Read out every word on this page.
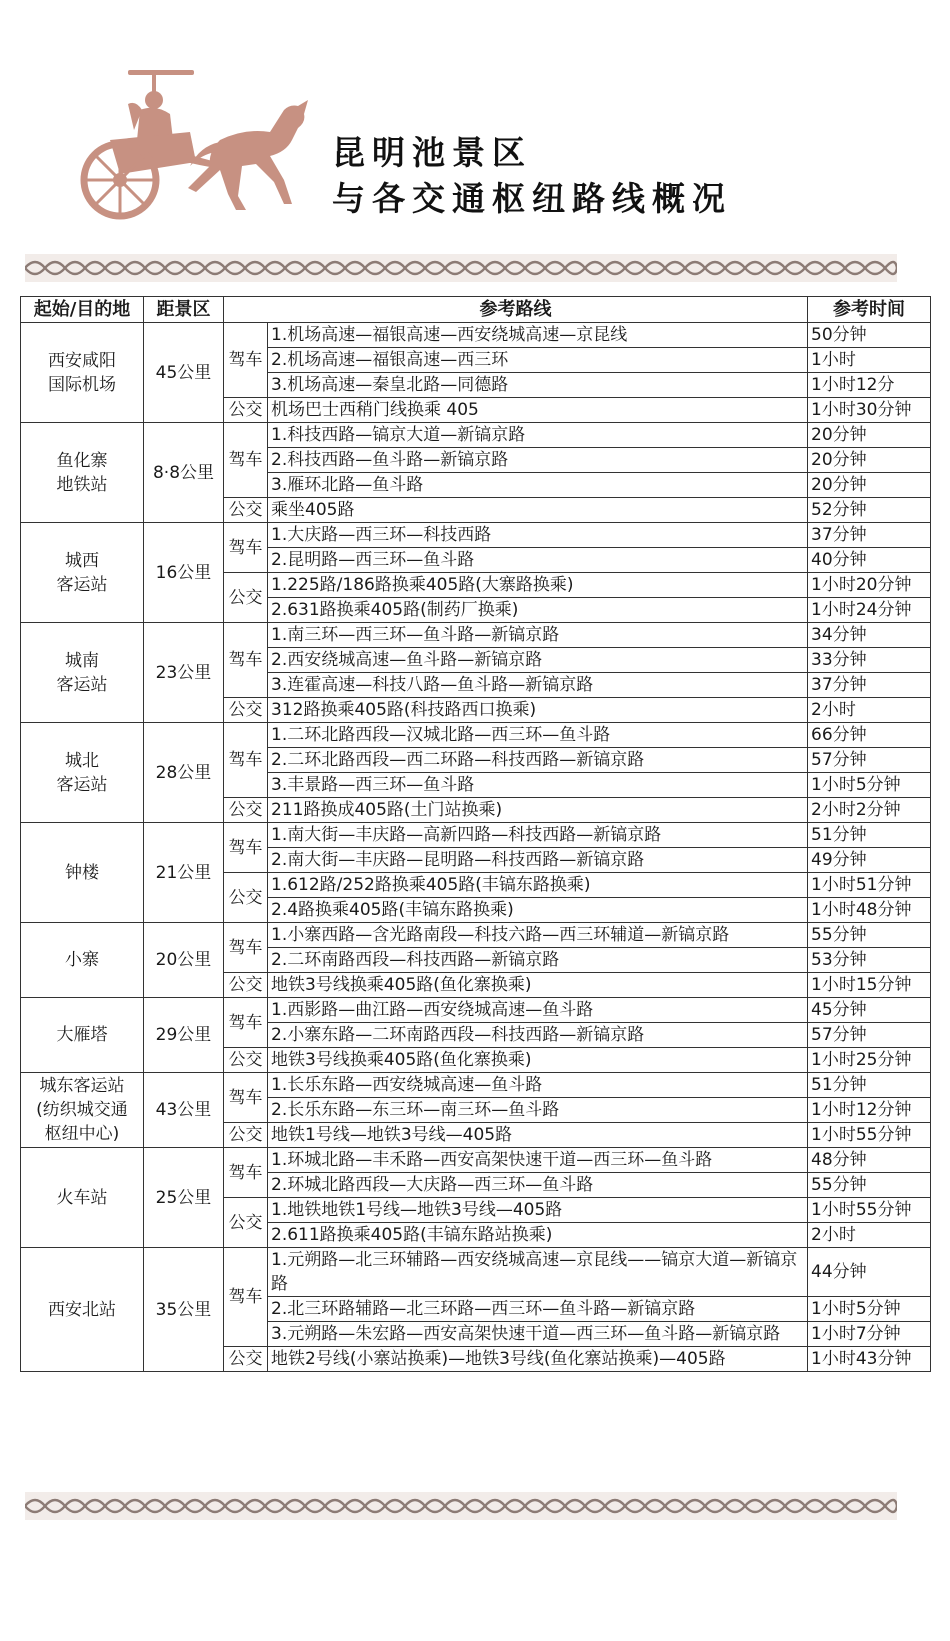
昆明池景区
与各交通枢纽路线概况
起始/目的地	距景区	参考路线		参考时间
西安咸阳
国际机场	45公里	驾车	1.机场高速—福银高速—西安绕城高速—京昆线	50分钟
			2.机场高速—福银高速—西三环	1小时
			3.机场高速—秦皇北路—同德路	1小时12分
		公交	机场巴士西稍门线换乘 405	1小时30分钟
鱼化寨
地铁站	8·8公里	驾车	1.科技西路—镐京大道—新镐京路	20分钟
			2.科技西路—鱼斗路—新镐京路	20分钟
			3.雁环北路—鱼斗路	20分钟
		公交	乘坐405路	52分钟
城西
客运站	16公里	驾车	1.大庆路—西三环—科技西路	37分钟
			2.昆明路—西三环—鱼斗路	40分钟
		公交	1.225路/186路换乘405路(大寨路换乘)	1小时20分钟
			2.631路换乘405路(制药厂换乘)	1小时24分钟
城南
客运站	23公里	驾车	1.南三环—西三环—鱼斗路—新镐京路	34分钟
			2.西安绕城高速—鱼斗路—新镐京路	33分钟
			3.连霍高速—科技八路—鱼斗路—新镐京路	37分钟
		公交	312路换乘405路(科技路西口换乘)	2小时
城北
客运站	28公里	驾车	1.二环北路西段—汉城北路—西三环—鱼斗路	66分钟
			2.二环北路西段—西二环路—科技西路—新镐京路	57分钟
			3.丰景路—西三环—鱼斗路	1小时5分钟
		公交	211路换成405路(土门站换乘)	2小时2分钟
钟楼	21公里	驾车	1.南大街—丰庆路—高新四路—科技西路—新镐京路	51分钟
			2.南大街—丰庆路—昆明路—科技西路—新镐京路	49分钟
		公交	1.612路/252路换乘405路(丰镐东路换乘)	1小时51分钟
			2.4路换乘405路(丰镐东路换乘)	1小时48分钟
小寨	20公里	驾车	1.小寨西路—含光路南段—科技六路—西三环辅道—新镐京路	55分钟
			2.二环南路西段—科技西路—新镐京路	53分钟
		公交	地铁3号线换乘405路(鱼化寨换乘)	1小时15分钟
大雁塔	29公里	驾车	1.西影路—曲江路—西安绕城高速—鱼斗路	45分钟
			2.小寨东路—二环南路西段—科技西路—新镐京路	57分钟
		公交	地铁3号线换乘405路(鱼化寨换乘)	1小时25分钟
城东客运站
(纺织城交通
枢纽中心)	43公里	驾车	1.长乐东路—西安绕城高速—鱼斗路	51分钟
			2.长乐东路—东三环—南三环—鱼斗路	1小时12分钟
		公交	地铁1号线—地铁3号线—405路	1小时55分钟
火车站	25公里	驾车	1.环城北路—丰禾路—西安高架快速干道—西三环—鱼斗路	48分钟
			2.环城北路西段—大庆路—西三环—鱼斗路	55分钟
		公交	1.地铁地铁1号线—地铁3号线—405路	1小时55分钟
			2.611路换乘405路(丰镐东路站换乘)	2小时
西安北站	35公里	驾车	1.元朔路—北三环辅路—西安绕城高速—京昆线——镐京大道—新镐京路	44分钟
			2.北三环路辅路—北三环路—西三环—鱼斗路—新镐京路	1小时5分钟
			3.元朔路—朱宏路—西安高架快速干道—西三环—鱼斗路—新镐京路	1小时7分钟
		公交	地铁2号线(小寨站换乘)—地铁3号线(鱼化寨站换乘)—405路	1小时43分钟
